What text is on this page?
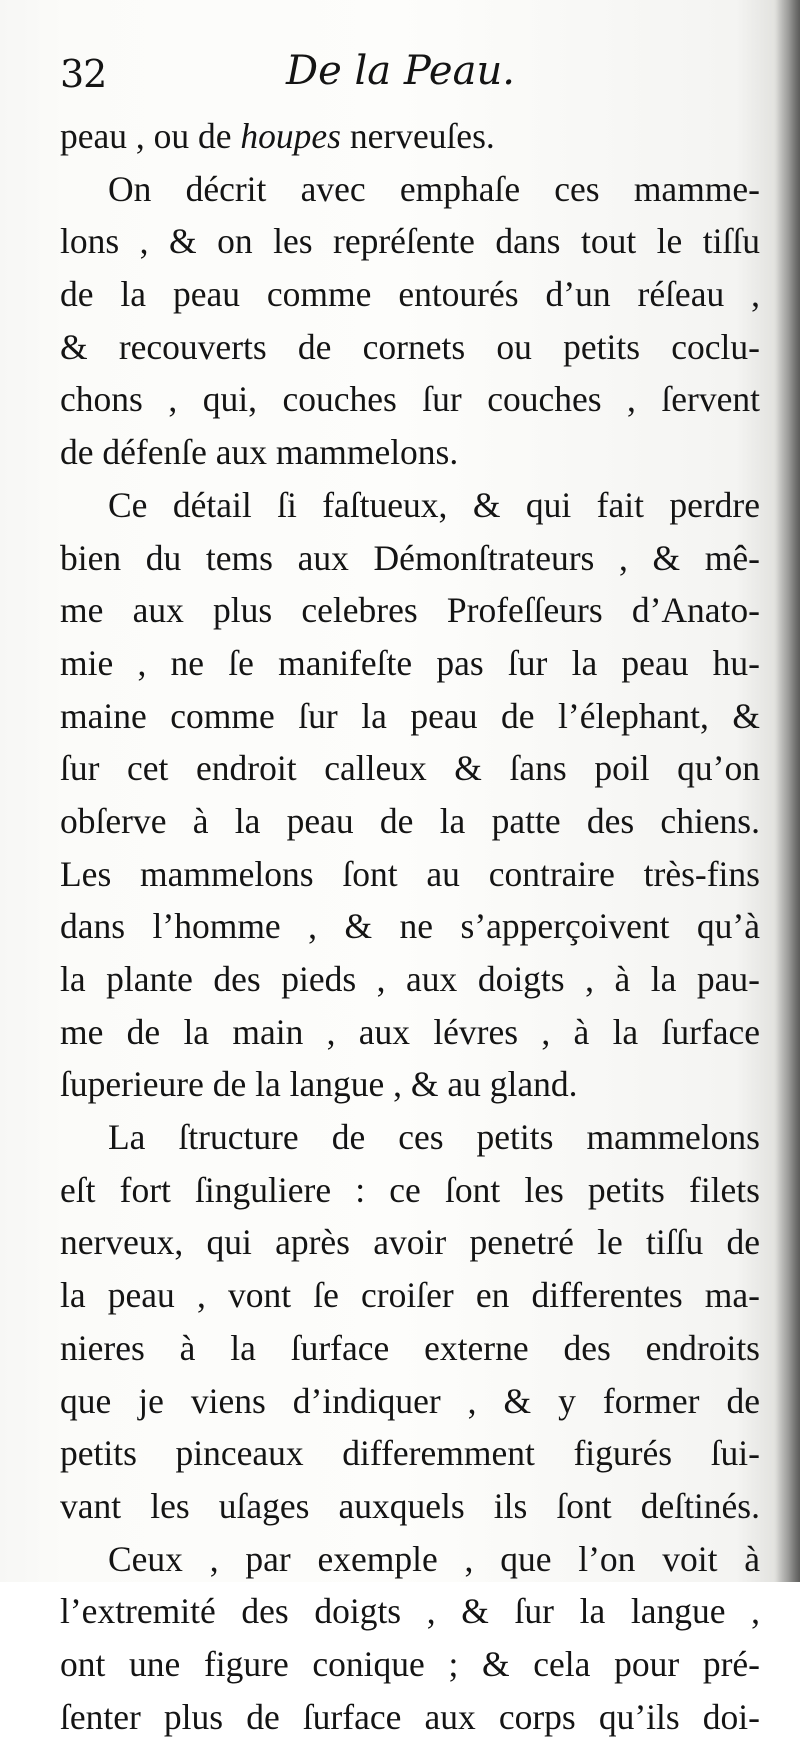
32	De la Peau.
peau , ou de houpes nerveuſes.
On décrit avec emphaſe ces mamme-
lons , & on les repréſente dans tout le tiſſu
de la peau comme entourés d’un réſeau ,
& recouverts de cornets ou petits coclu-
chons , qui, couches ſur couches , ſervent
de défenſe aux mammelons.
Ce détail ſi faſtueux, & qui fait perdre
bien du tems aux Démonſtrateurs , & mê-
me aux plus celebres Profeſſeurs d’Anato-
mie , ne ſe manifeſte pas ſur la peau hu-
maine comme ſur la peau de l’élephant, &
ſur cet endroit calleux & ſans poil qu’on
obſerve à la peau de la patte des chiens.
Les mammelons ſont au contraire très-fins
dans l’homme , & ne s’apperçoivent qu’à
la plante des pieds , aux doigts , à la pau-
me de la main , aux lévres , à la ſurface
ſuperieure de la langue , & au gland.
La ſtructure de ces petits mammelons
eſt fort ſinguliere : ce ſont les petits filets
nerveux, qui après avoir penetré le tiſſu de
la peau , vont ſe croiſer en differentes ma-
nieres à la ſurface externe des endroits
que je viens d’indiquer , & y former de
petits pinceaux differemment figurés ſui-
vant les uſages auxquels ils ſont deſtinés.
Ceux , par exemple , que l’on voit à
l’extremité des doigts , & ſur la langue ,
ont une figure conique ; & cela pour pré-
ſenter plus de ſurface aux corps qu’ils doi-
